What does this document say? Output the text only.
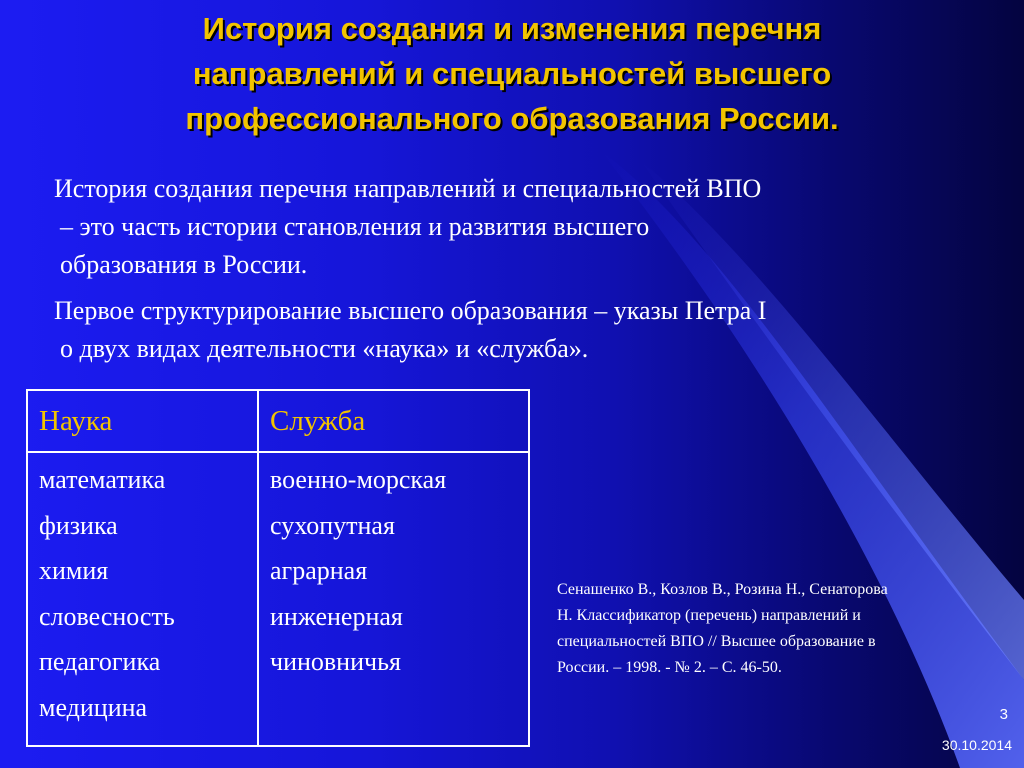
История создания и изменения перечня
направлений и специальностей высшего
профессионального образования России.

История создания перечня направлений и специальностей ВПО
– это часть истории становления и развития высшего
образования в России.

Первое структурирование высшего образования – указы Петра I
о двух видах деятельности «наука» и «служба».

Наука	Служба
математика
физика
химия
словесность
педагогика
медицина
военно-морская
сухопутная
аграрная
инженерная
чиновничья

Сенашенко В., Козлов В., Розина Н., Сенаторова
Н. Классификатор (перечень) направлений и
специальностей ВПО // Высшее образование в
России. – 1998. - № 2. – С. 46-50.

3
30.10.2014
